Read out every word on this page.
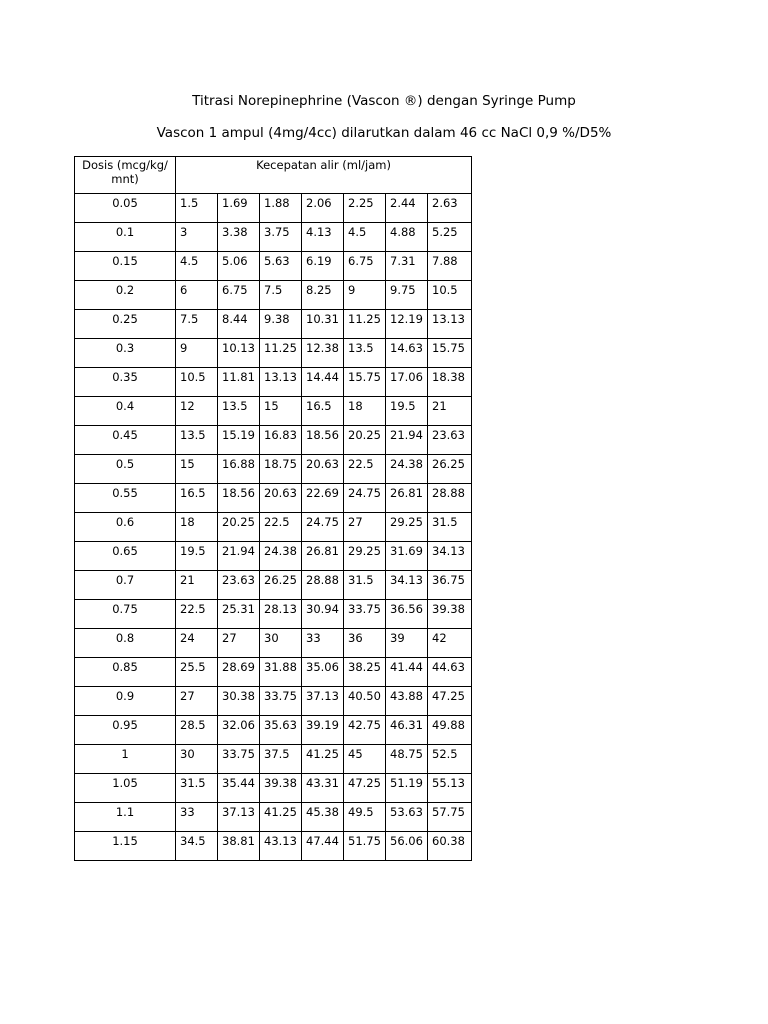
Titrasi Norepinephrine (Vascon ®) dengan Syringe Pump
Vascon 1 ampul (4mg/4cc) dilarutkan dalam 46 cc NaCl 0,9 %/D5%
Dosis (mcg/kg/mnt)	Kecepatan alir (ml/jam)						
0.05	1.5	1.69	1.88	2.06	2.25	2.44	2.63
0.1	3	3.38	3.75	4.13	4.5	4.88	5.25
0.15	4.5	5.06	5.63	6.19	6.75	7.31	7.88
0.2	6	6.75	7.5	8.25	9	9.75	10.5
0.25	7.5	8.44	9.38	10.31	11.25	12.19	13.13
0.3	9	10.13	11.25	12.38	13.5	14.63	15.75
0.35	10.5	11.81	13.13	14.44	15.75	17.06	18.38
0.4	12	13.5	15	16.5	18	19.5	21
0.45	13.5	15.19	16.83	18.56	20.25	21.94	23.63
0.5	15	16.88	18.75	20.63	22.5	24.38	26.25
0.55	16.5	18.56	20.63	22.69	24.75	26.81	28.88
0.6	18	20.25	22.5	24.75	27	29.25	31.5
0.65	19.5	21.94	24.38	26.81	29.25	31.69	34.13
0.7	21	23.63	26.25	28.88	31.5	34.13	36.75
0.75	22.5	25.31	28.13	30.94	33.75	36.56	39.38
0.8	24	27	30	33	36	39	42
0.85	25.5	28.69	31.88	35.06	38.25	41.44	44.63
0.9	27	30.38	33.75	37.13	40.50	43.88	47.25
0.95	28.5	32.06	35.63	39.19	42.75	46.31	49.88
1	30	33.75	37.5	41.25	45	48.75	52.5
1.05	31.5	35.44	39.38	43.31	47.25	51.19	55.13
1.1	33	37.13	41.25	45.38	49.5	53.63	57.75
1.15	34.5	38.81	43.13	47.44	51.75	56.06	60.38
